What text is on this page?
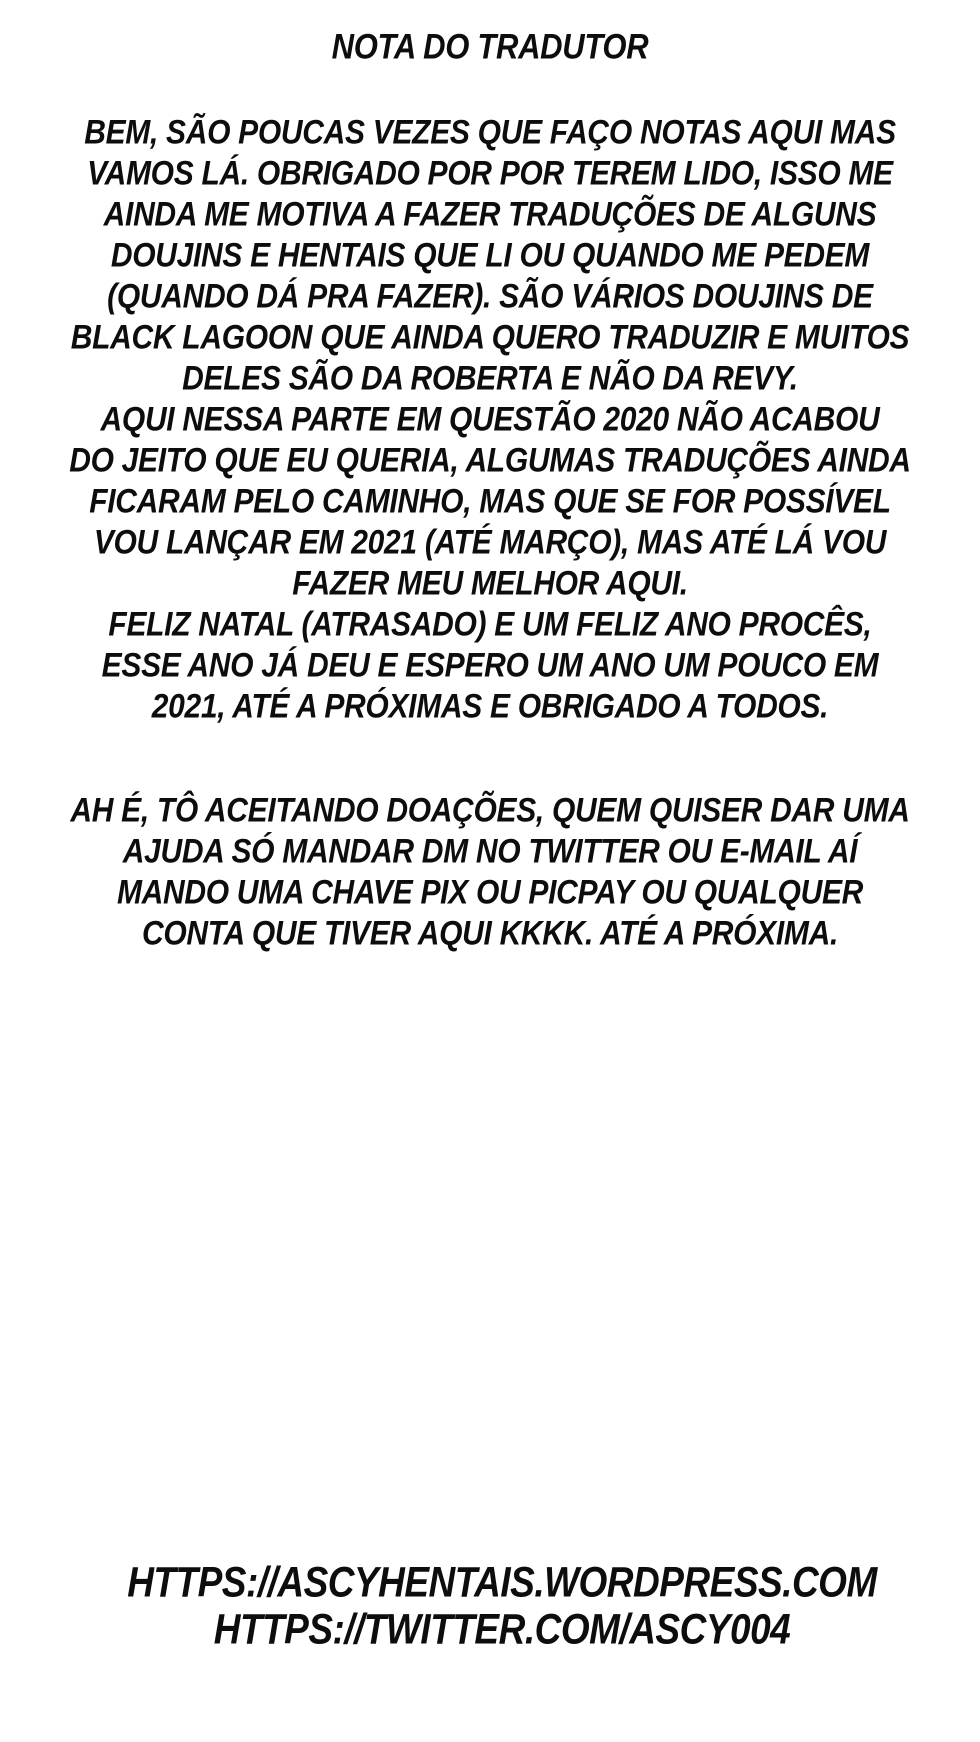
NOTA DO TRADUTOR
BEM, SÃO POUCAS VEZES QUE FAÇO NOTAS AQUI MAS
VAMOS LÁ. OBRIGADO POR POR TEREM LIDO, ISSO ME
AINDA ME MOTIVA A FAZER TRADUÇÕES DE ALGUNS
DOUJINS E HENTAIS QUE LI OU QUANDO ME PEDEM
(QUANDO DÁ PRA FAZER). SÃO VÁRIOS DOUJINS DE
BLACK LAGOON QUE AINDA QUERO TRADUZIR E MUITOS
DELES SÃO DA ROBERTA E NÃO DA REVY.
AQUI NESSA PARTE EM QUESTÃO 2020 NÃO ACABOU
DO JEITO QUE EU QUERIA, ALGUMAS TRADUÇÕES AINDA
FICARAM PELO CAMINHO, MAS QUE SE FOR POSSÍVEL
VOU LANÇAR EM 2021 (ATÉ MARÇO), MAS ATÉ LÁ VOU
FAZER MEU MELHOR AQUI.
FELIZ NATAL (ATRASADO) E UM FELIZ ANO PROCÊS,
ESSE ANO JÁ DEU E ESPERO UM ANO UM POUCO EM
2021, ATÉ A PRÓXIMAS E OBRIGADO A TODOS.
AH É, TÔ ACEITANDO DOAÇÕES, QUEM QUISER DAR UMA
AJUDA SÓ MANDAR DM NO TWITTER OU E-MAIL AÍ
MANDO UMA CHAVE PIX OU PICPAY OU QUALQUER
CONTA QUE TIVER AQUI KKKK. ATÉ A PRÓXIMA.
HTTPS://ASCYHENTAIS.WORDPRESS.COM
HTTPS://TWITTER.COM/ASCY004
